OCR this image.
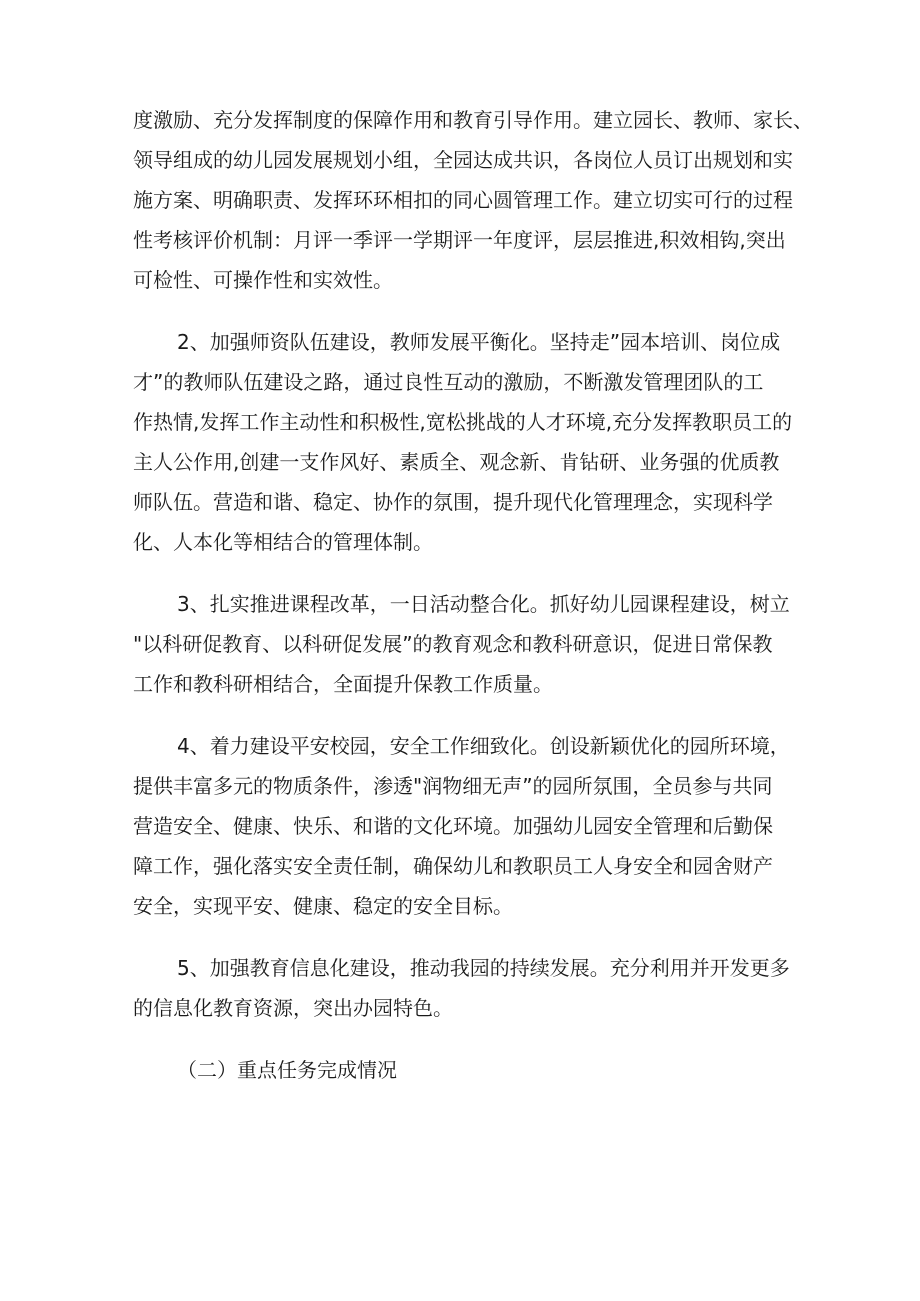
度激励、充分发挥制度的保障作用和教育引导作用。建立园长、教师、家长、
领导组成的幼儿园发展规划小组，全园达成共识，各岗位人员订出规划和实
施方案、明确职责、发挥环环相扣的同心圆管理工作。建立切实可行的过程
性考核评价机制：月评一季评一学期评一年度评，层层推进,积效相钩,突出
可检性、可操作性和实效性。
2、加强师资队伍建设，教师发展平衡化。坚持走”园本培训、岗位成
才”的教师队伍建设之路，通过良性互动的激励，不断激发管理团队的工
作热情,发挥工作主动性和积极性,宽松挑战的人才环境,充分发挥教职员工的
主人公作用,创建一支作风好、素质全、观念新、肯钻研、业务强的优质教
师队伍。营造和谐、稳定、协作的氛围，提升现代化管理理念，实现科学
化、人本化等相结合的管理体制。
3、扎实推进课程改革，一日活动整合化。抓好幼儿园课程建设，树立
"以科研促教育、以科研促发展”的教育观念和教科研意识，促进日常保教
工作和教科研相结合，全面提升保教工作质量。
4、着力建设平安校园，安全工作细致化。创设新颖优化的园所环境，
提供丰富多元的物质条件，渗透"润物细无声”的园所氛围，全员参与共同
营造安全、健康、快乐、和谐的文化环境。加强幼儿园安全管理和后勤保
障工作，强化落实安全责任制，确保幼儿和教职员工人身安全和园舍财产
安全，实现平安、健康、稳定的安全目标。
5、加强教育信息化建设，推动我园的持续发展。充分利用并开发更多
的信息化教育资源，突出办园特色。
（二）重点任务完成情况
